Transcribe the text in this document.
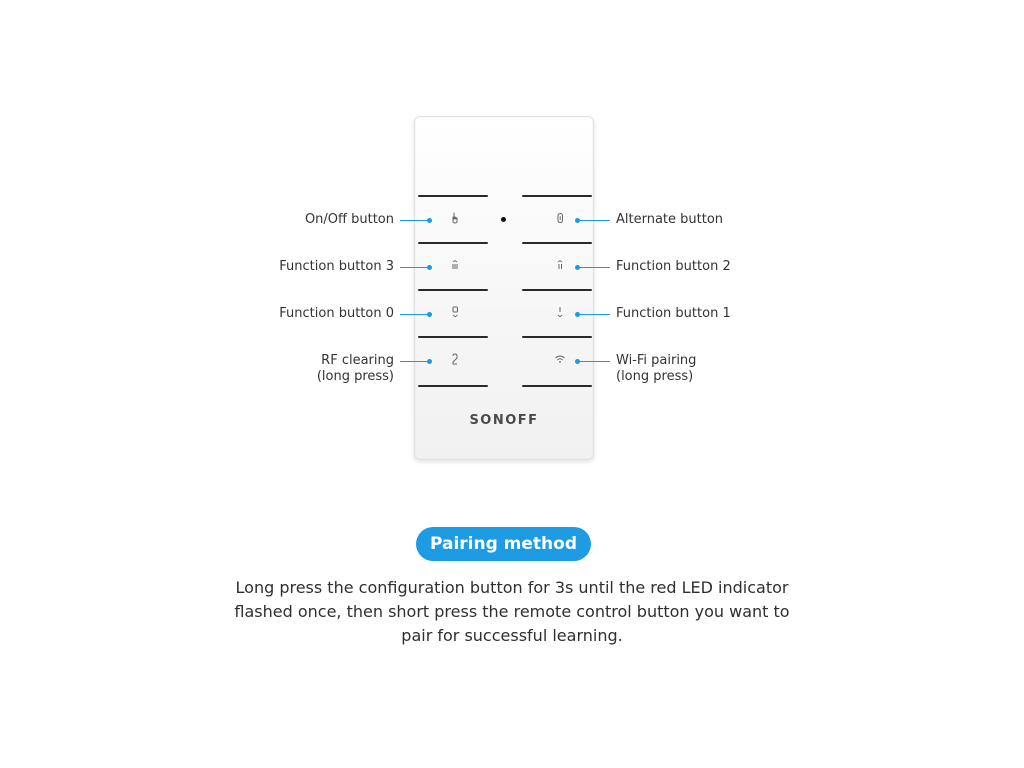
SONOFF
On/Off button
Function button 3
Function button 0
RF clearing
(long press)
Alternate button
Function button 2
Function button 1
Wi-Fi pairing
(long press)
Pairing method
Long press the configuration button for 3s until the red LED indicator
flashed once, then short press the remote control button you want to
pair for successful learning.
